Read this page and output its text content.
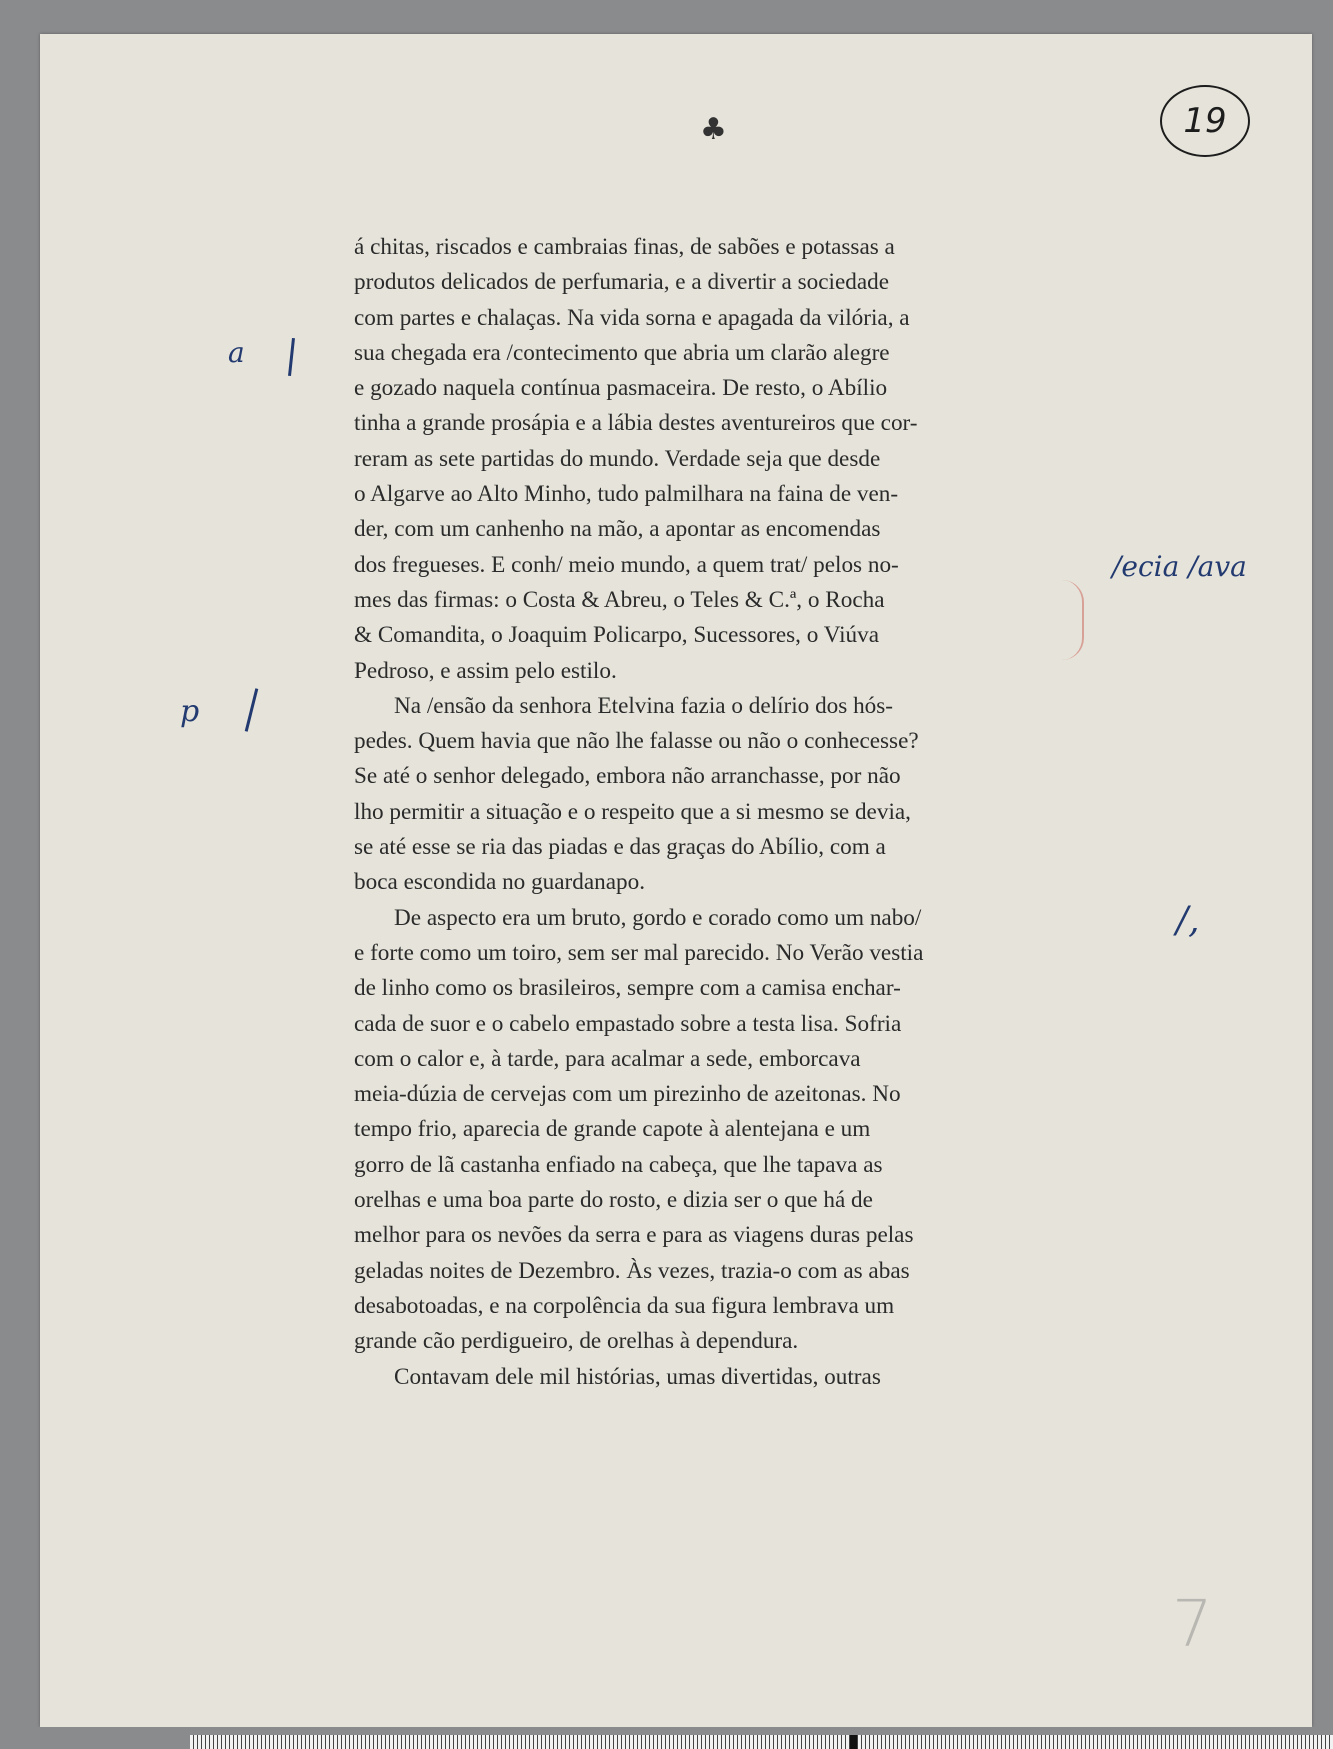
♣	19
a
p
/ecia /ava
/,

á chitas, riscados e cambraias finas, de sabões e potassas a

produtos delicados de perfumaria, e a divertir a sociedade

com partes e chalaças. Na vida sorna e apagada da vilória, a

sua chegada era /contecimento que abria um clarão alegre

e gozado naquela contínua pasmaceira. De resto, o Abílio

tinha a grande prosápia e a lábia destes aventureiros que cor-

reram as sete partidas do mundo. Verdade seja que desde

o Algarve ao Alto Minho, tudo palmilhara na faina de ven-

der, com um canhenho na mão, a apontar as encomendas

dos fregueses. E conh/ meio mundo, a quem trat/ pelos no-

mes das firmas: o Costa & Abreu, o Teles & C.ª, o Rocha

& Comandita, o Joaquim Policarpo, Sucessores, o Viúva

Pedroso, e assim pelo estilo.

Na /ensão da senhora Etelvina fazia o delírio dos hós-

pedes. Quem havia que não lhe falasse ou não o conhecesse?

Se até o senhor delegado, embora não arranchasse, por não

lho permitir a situação e o respeito que a si mesmo se devia,

se até esse se ria das piadas e das graças do Abílio, com a

boca escondida no guardanapo.

De aspecto era um bruto, gordo e corado como um nabo/

e forte como um toiro, sem ser mal parecido. No Verão vestia

de linho como os brasileiros, sempre com a camisa enchar-

cada de suor e o cabelo empastado sobre a testa lisa. Sofria

com o calor e, à tarde, para acalmar a sede, emborcava

meia-dúzia de cervejas com um pirezinho de azeitonas. No

tempo frio, aparecia de grande capote à alentejana e um

gorro de lã castanha enfiado na cabeça, que lhe tapava as

orelhas e uma boa parte do rosto, e dizia ser o que há de

melhor para os nevões da serra e para as viagens duras pelas

geladas noites de Dezembro. Às vezes, trazia-o com as abas

desabotoadas, e na corpolência da sua figura lembrava um

grande cão perdigueiro, de orelhas à dependura.

Contavam dele mil histórias, umas divertidas, outras

7
